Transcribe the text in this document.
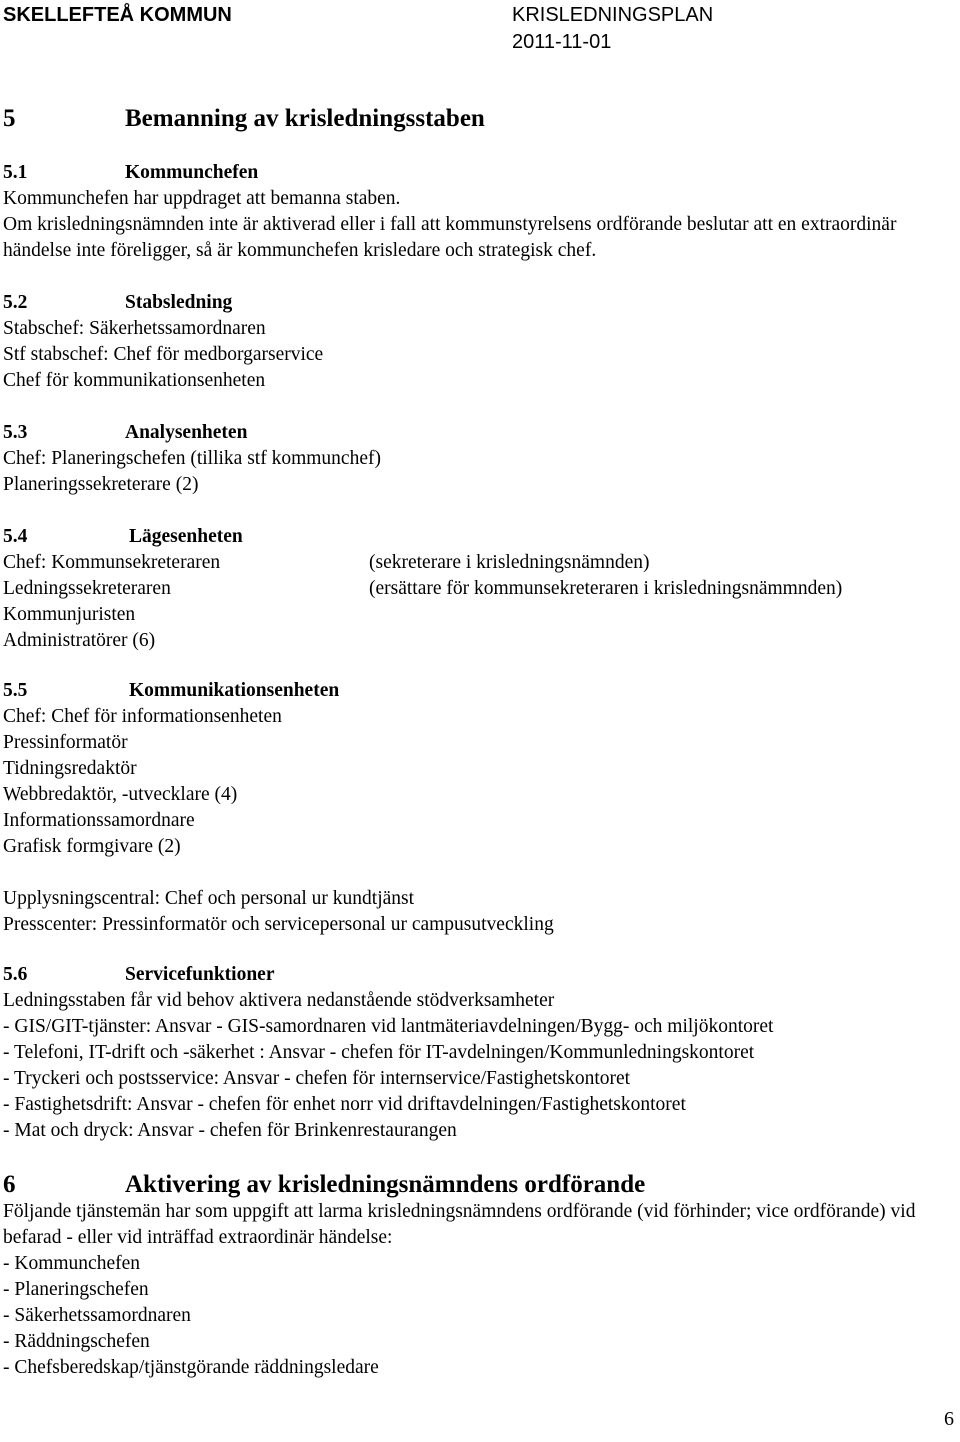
SKELLEFTEÅ KOMMUN	KRISLEDNINGSPLAN
2011-11-01
5	Bemanning av krisledningsstaben
5.1	Kommunchefen
Kommunchefen har uppdraget att bemanna staben.
Om krisledningsnämnden inte är aktiverad eller i fall att kommunstyrelsens ordförande beslutar att en extraordinär händelse inte föreligger, så är kommunchefen krisledare och strategisk chef.
5.2	Stabsledning
Stabschef: Säkerhetssamordnaren
Stf stabschef: Chef för medborgarservice
Chef för kommunikationsenheten
5.3	Analysenheten
Chef: Planeringschefen (tillika stf kommunchef)
Planeringssekreterare (2)
5.4	Lägesenheten
Chef: Kommunsekreteraren	(sekreterare i krisledningsnämnden)
Ledningssekreteraren	(ersättare för kommunsekreteraren i krisledningsnämmnden)
Kommunjuristen
Administratörer (6)
5.5	Kommunikationsenheten
Chef: Chef för informationsenheten
Pressinformatör
Tidningsredaktör
Webbredaktör, -utvecklare (4)
Informationssamordnare
Grafisk formgivare (2)
Upplysningscentral: Chef och personal ur kundtjänst
Presscenter: Pressinformatör och servicepersonal ur campusutveckling
5.6	Servicefunktioner
Ledningsstaben får vid behov aktivera nedanstående stödverksamheter
- GIS/GIT-tjänster: Ansvar - GIS-samordnaren vid lantmäteriavdelningen/Bygg- och miljökontoret
- Telefoni, IT-drift och -säkerhet : Ansvar - chefen för IT-avdelningen/Kommunledningskontoret
- Tryckeri och postsservice: Ansvar - chefen för internservice/Fastighetskontoret
- Fastighetsdrift: Ansvar - chefen för enhet norr vid driftavdelningen/Fastighetskontoret
- Mat och dryck: Ansvar - chefen för Brinkenrestaurangen
6	Aktivering av krisledningsnämndens ordförande
Följande tjänstemän har som uppgift att larma krisledningsnämndens ordförande (vid förhinder; vice ordförande) vid befarad - eller vid inträffad extraordinär händelse:
- Kommunchefen
- Planeringschefen
- Säkerhetssamordnaren
- Räddningschefen
- Chefsberedskap/tjänstgörande räddningsledare
6
